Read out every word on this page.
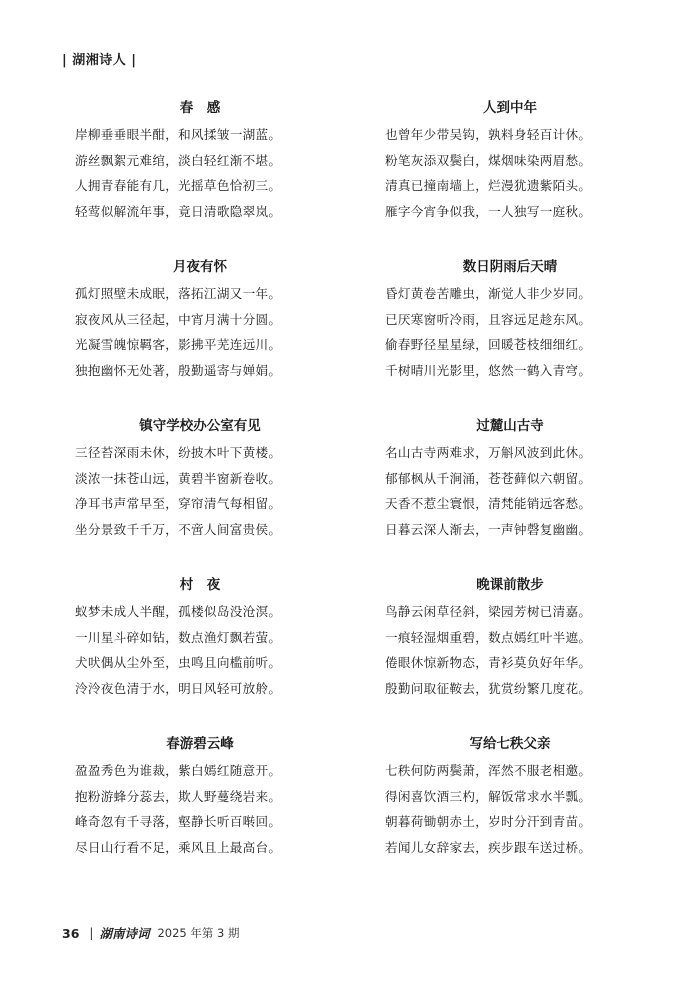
| 湖湘诗人 |
春　感
岸柳垂垂眼半酣，和风揉皱一湖蓝。
游丝飘絮元难绾，淡白轻红渐不堪。
人拥青春能有几，光摇草色恰初三。
轻莺似解流年事，竟日清歌隐翠岚。
人到中年
也曾年少带吴钩，孰料身轻百计休。
粉笔灰添双鬓白，煤烟味染两眉愁。
清真已撞南墙上，烂漫犹遗紫陌头。
雁字今宵争似我，一人独写一庭秋。
月夜有怀
孤灯照壁未成眠，落拓江湖又一年。
寂夜风从三径起，中宵月满十分圆。
光凝雪魄惊羁客，影拂平芜连远川。
独抱幽怀无处著，殷勤遥寄与婵娟。
数日阴雨后天晴
昏灯黄卷苦雕虫，渐觉人非少岁同。
已厌寒窗听冷雨，且容远足趁东风。
偷春野径星星绿，回暖苍枝细细红。
千树晴川光影里，悠然一鹤入青穹。
镇守学校办公室有见
三径苔深雨未休，纷披木叶下黄楼。
淡浓一抹苍山远，黄碧半窗新卷收。
净耳书声常早至，穿帘清气每相留。
坐分景致千千万，不啻人间富贵侯。
过麓山古寺
名山古寺两难求，万斛风波到此休。
郁郁枫从千涧涌，苍苍藓似六朝留。
天香不惹尘寰恨，清梵能销远客愁。
日暮云深人渐去，一声钟磬复幽幽。
村　夜
蚁梦未成人半醒，孤楼似岛没沧溟。
一川星斗碎如钻，数点渔灯飘若萤。
犬吠偶从尘外至，虫鸣且向槛前听。
泠泠夜色清于水，明日风轻可放舲。
晚课前散步
鸟静云闲草径斜，梁园芳树已清嘉。
一痕轻湿烟重碧，数点嫣红叶半遮。
倦眼休惊新物态，青衫莫负好年华。
殷勤问取征鞍去，犹赏纷繁几度花。
春游碧云峰
盈盈秀色为谁裁，紫白嫣红随意开。
抱粉游蜂分蕊去，欺人野蔓绕岩来。
峰奇忽有千寻落，壑静长听百啭回。
尽日山行看不足，乘风且上最高台。
写给七秩父亲
七秩何防两鬓萧，浑然不服老相邀。
得闲喜饮酒三杓，解饭常求水半瓢。
朝暮荷锄朝赤土，岁时分汗到青苗。
若闻儿女辞家去，疾步跟车送过桥。
36 | 湖南诗词 2025 年第 3 期
